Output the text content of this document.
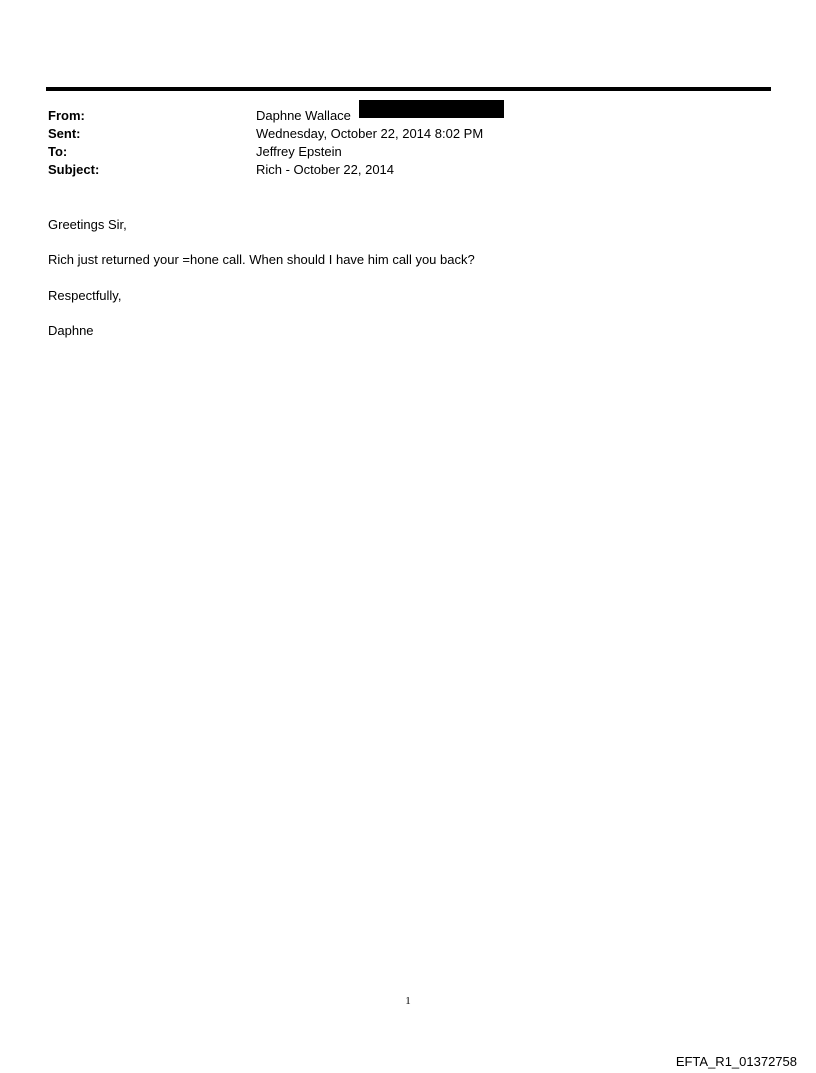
From:	Daphne Wallace
Sent:	Wednesday, October 22, 2014 8:02 PM
To:	Jeffrey Epstein
Subject:	Rich - October 22, 2014
Greetings Sir,
Rich just returned your =hone call. When should I have him call you back?
Respectfully,
Daphne
1
EFTA_R1_01372758
